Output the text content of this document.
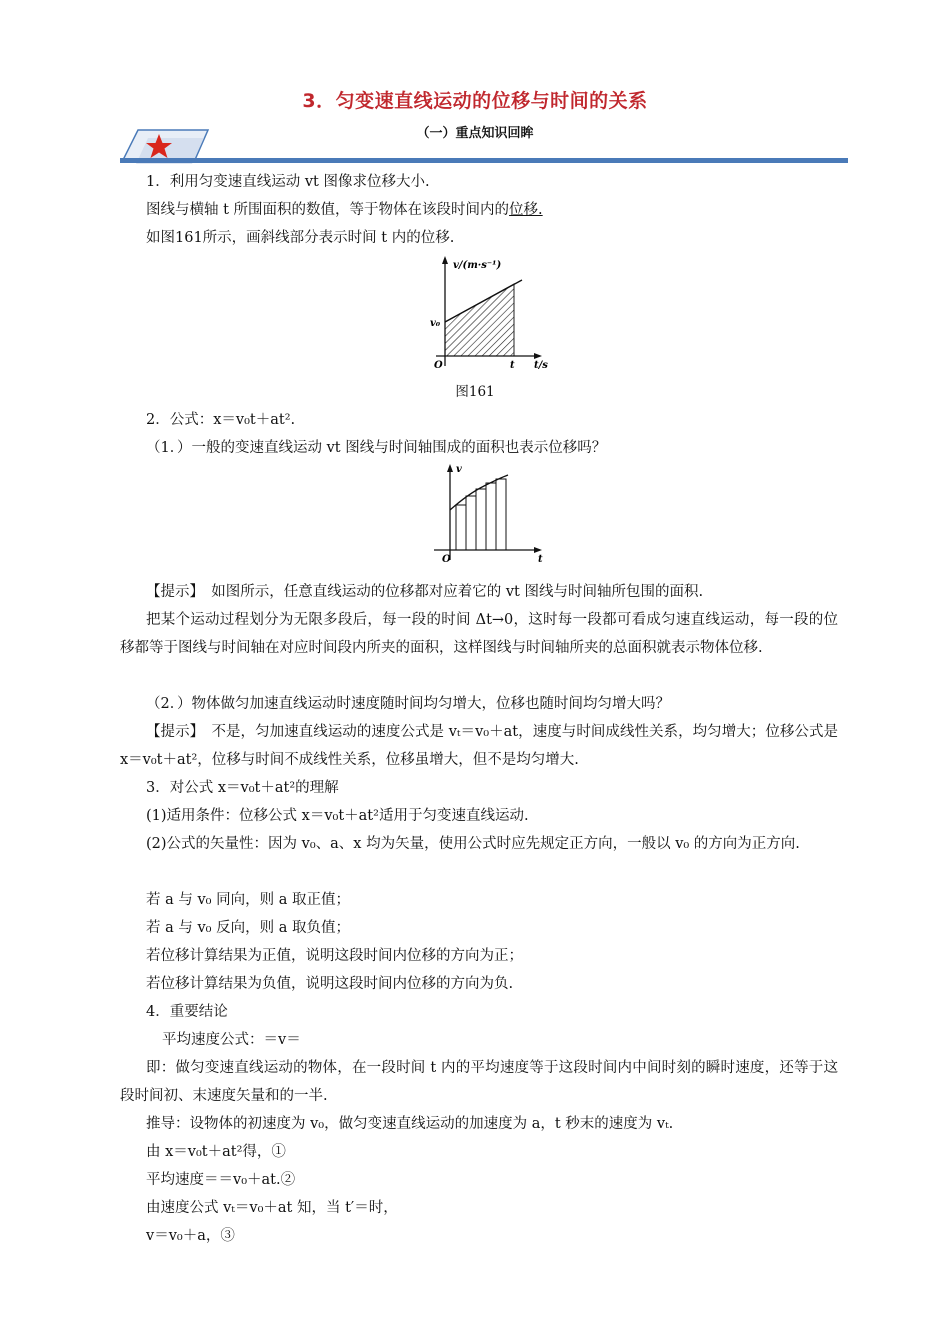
3．匀变速直线运动的位移与时间的关系
（一）重点知识回眸
1．利用匀变速直线运动 vt 图像求位移大小.
图线与横轴 t 所围面积的数值，等于物体在该段时间内的位移.
如图161所示，画斜线部分表示时间 t 内的位移.
v/(m·s⁻¹)
v₀
O	t t/s
图161
2．公式：x＝v₀t＋at².
（1．）一般的变速直线运动 vt 图线与时间轴围成的面积也表示位移吗？
v
O	t
【提示】　如图所示，任意直线运动的位移都对应着它的 vt 图线与时间轴所包围的面积.
把某个运动过程划分为无限多段后，每一段的时间 Δt→0，这时每一段都可看成匀速直线运动，每一段的位移都等于图线与时间轴在对应时间段内所夹的面积，这样图线与时间轴所夹的总面积就表示物体位移.
（2．）物体做匀加速直线运动时速度随时间均匀增大，位移也随时间均匀增大吗？
【提示】　不是，匀加速直线运动的速度公式是 vₜ＝v₀＋at，速度与时间成线性关系，均匀增大；位移公式是 x＝v₀t＋at²，位移与时间不成线性关系，位移虽增大，但不是均匀增大.
3．对公式 x＝v₀t＋at²的理解
(1)适用条件：位移公式 x＝v₀t＋at²适用于匀变速直线运动.
(2)公式的矢量性：因为 v₀、a、x 均为矢量，使用公式时应先规定正方向，一般以 v₀ 的方向为正方向.
若 a 与 v₀ 同向，则 a 取正值；
若 a 与 v₀ 反向，则 a 取负值；
若位移计算结果为正值，说明这段时间内位移的方向为正；
若位移计算结果为负值，说明这段时间内位移的方向为负.
4．重要结论
平均速度公式：＝v＝
即：做匀变速直线运动的物体，在一段时间 t 内的平均速度等于这段时间内中间时刻的瞬时速度，还等于这段时间初、末速度矢量和的一半.
推导：设物体的初速度为 v₀，做匀变速直线运动的加速度为 a，t 秒末的速度为 vₜ.
由 x＝v₀t＋at²得，①
平均速度＝＝v₀＋at.②
由速度公式 vₜ＝v₀＋at 知，当 t′＝时，
v＝v₀＋a，③
